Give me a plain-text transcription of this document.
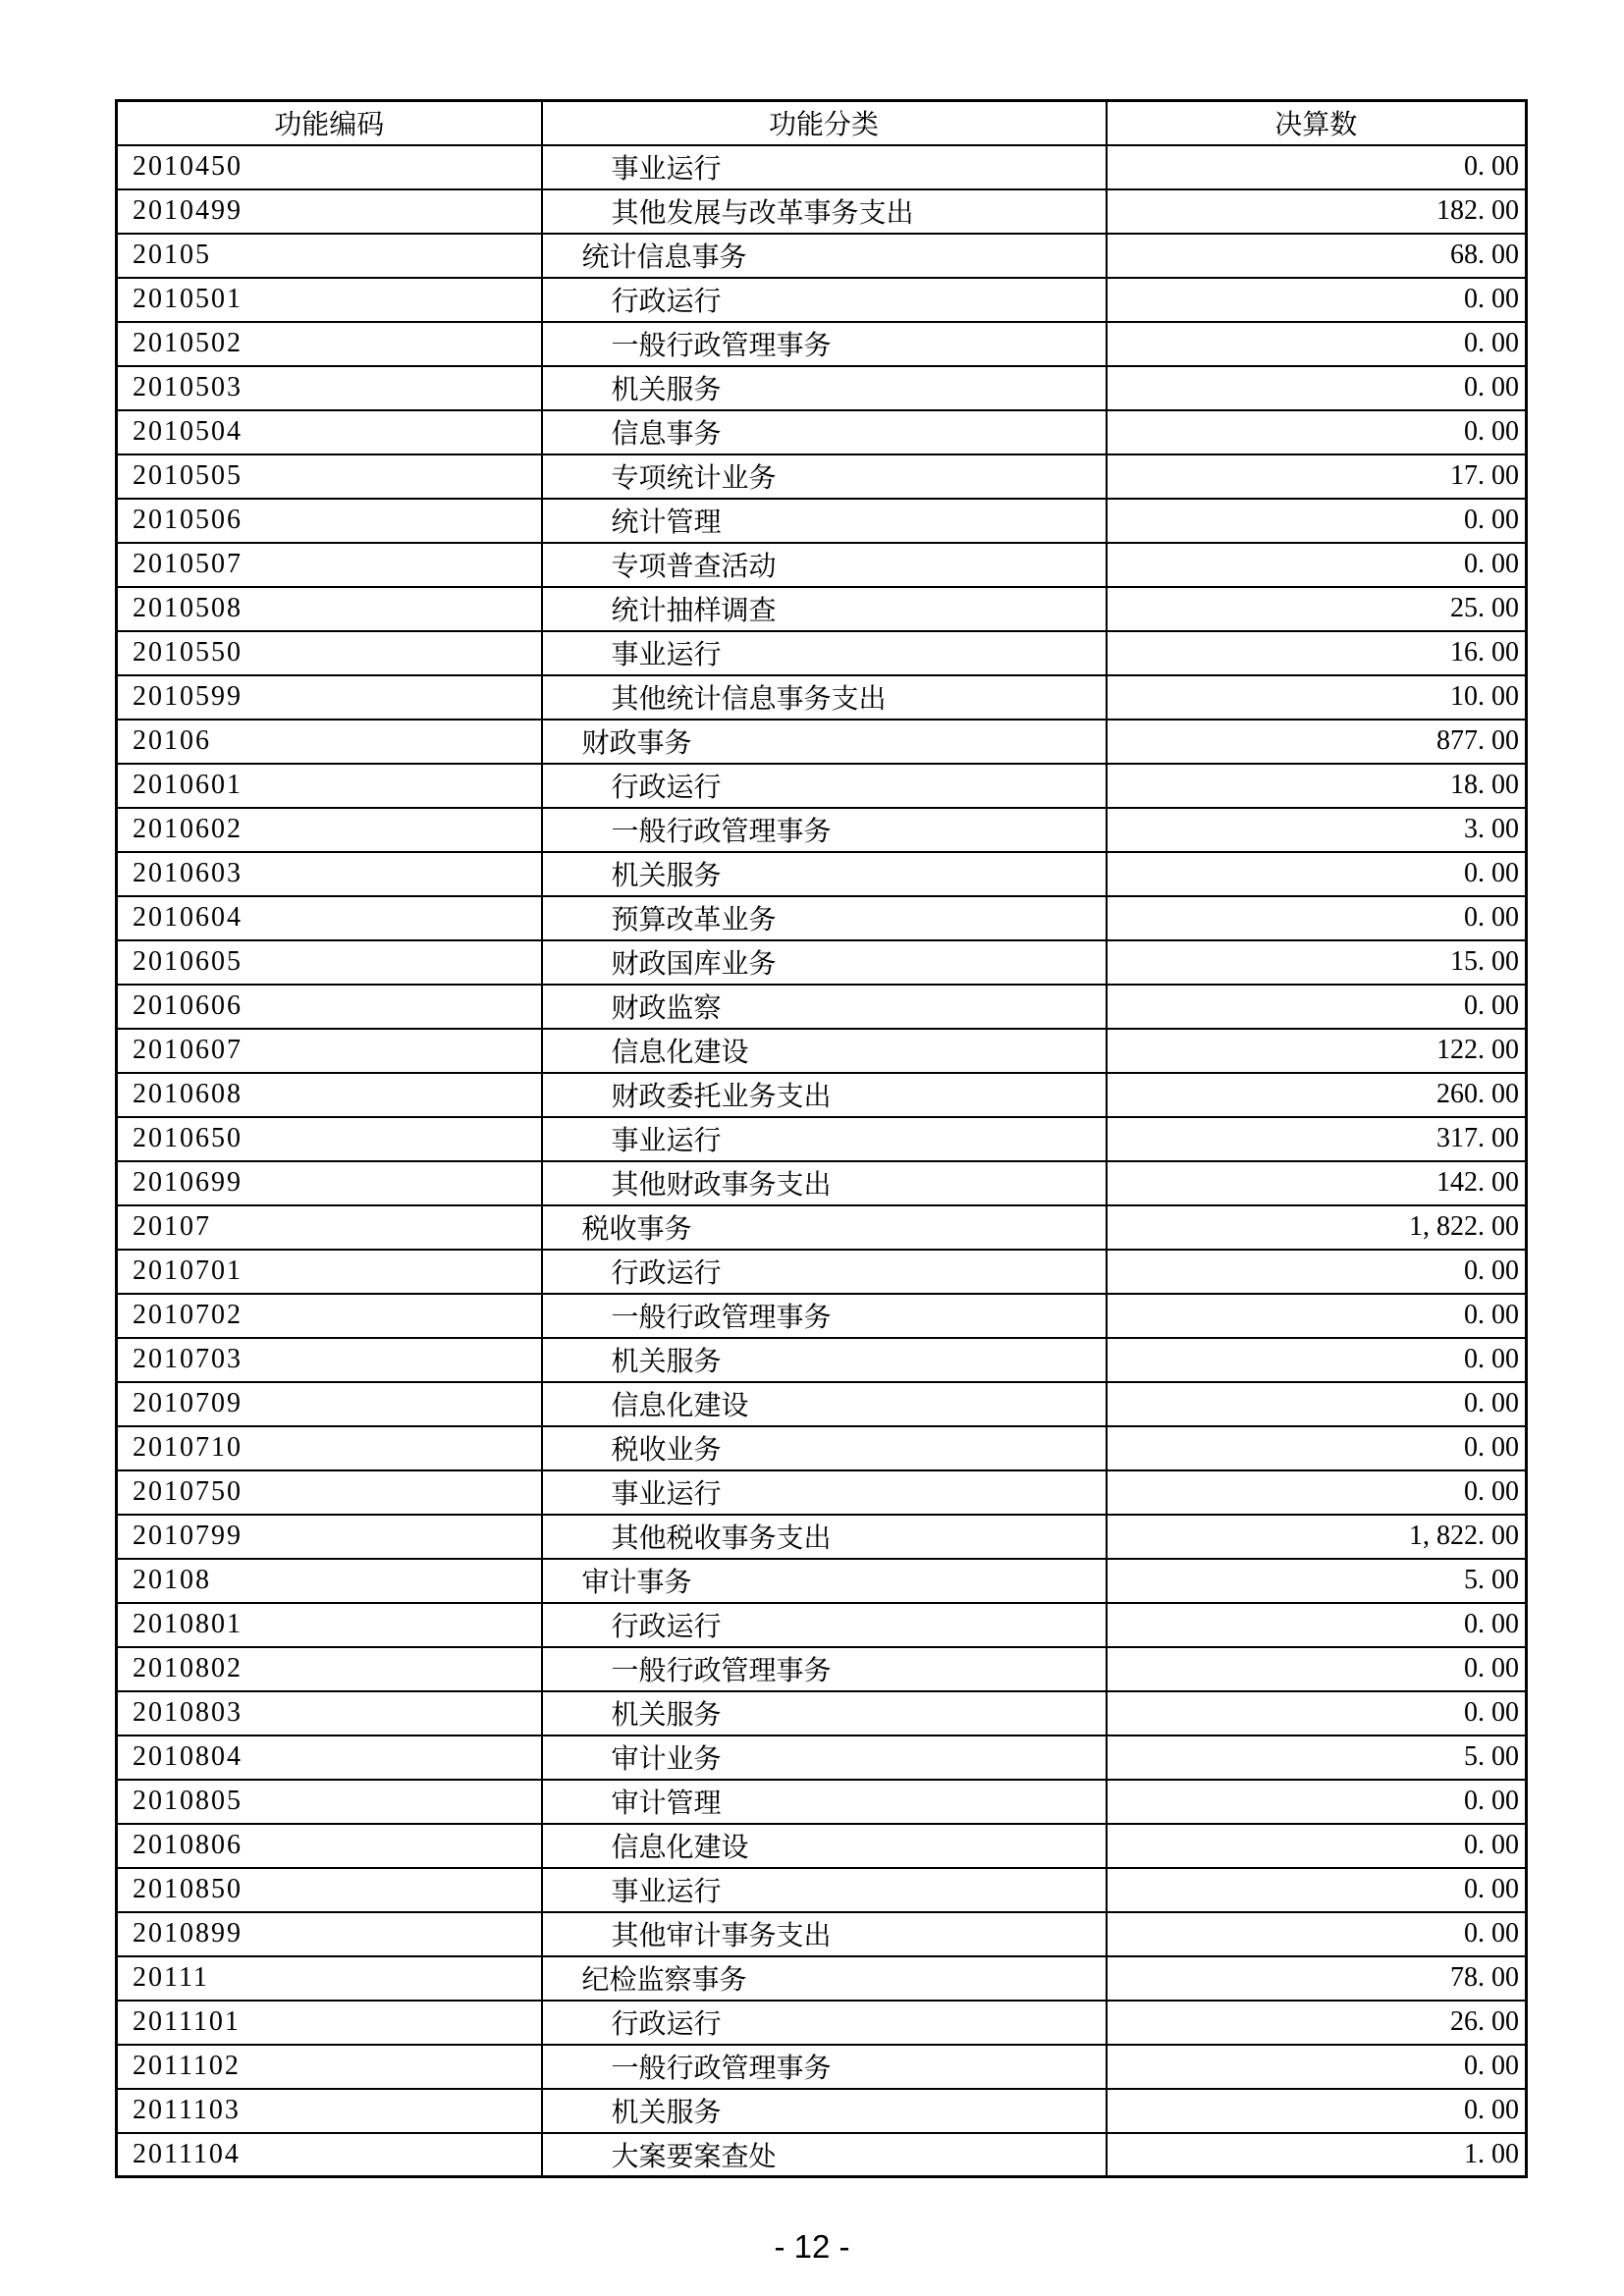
功能编码	功能分类	决算数
2010450	事业运行	0. 00
2010499	其他发展与改革事务支出	182. 00
20105	统计信息事务	68. 00
2010501	行政运行	0. 00
2010502	一般行政管理事务	0. 00
2010503	机关服务	0. 00
2010504	信息事务	0. 00
2010505	专项统计业务	17. 00
2010506	统计管理	0. 00
2010507	专项普查活动	0. 00
2010508	统计抽样调查	25. 00
2010550	事业运行	16. 00
2010599	其他统计信息事务支出	10. 00
20106	财政事务	877. 00
2010601	行政运行	18. 00
2010602	一般行政管理事务	3. 00
2010603	机关服务	0. 00
2010604	预算改革业务	0. 00
2010605	财政国库业务	15. 00
2010606	财政监察	0. 00
2010607	信息化建设	122. 00
2010608	财政委托业务支出	260. 00
2010650	事业运行	317. 00
2010699	其他财政事务支出	142. 00
20107	税收事务	1, 822. 00
2010701	行政运行	0. 00
2010702	一般行政管理事务	0. 00
2010703	机关服务	0. 00
2010709	信息化建设	0. 00
2010710	税收业务	0. 00
2010750	事业运行	0. 00
2010799	其他税收事务支出	1, 822. 00
20108	审计事务	5. 00
2010801	行政运行	0. 00
2010802	一般行政管理事务	0. 00
2010803	机关服务	0. 00
2010804	审计业务	5. 00
2010805	审计管理	0. 00
2010806	信息化建设	0. 00
2010850	事业运行	0. 00
2010899	其他审计事务支出	0. 00
20111	纪检监察事务	78. 00
2011101	行政运行	26. 00
2011102	一般行政管理事务	0. 00
2011103	机关服务	0. 00
2011104	大案要案查处	1. 00
- 12 -
